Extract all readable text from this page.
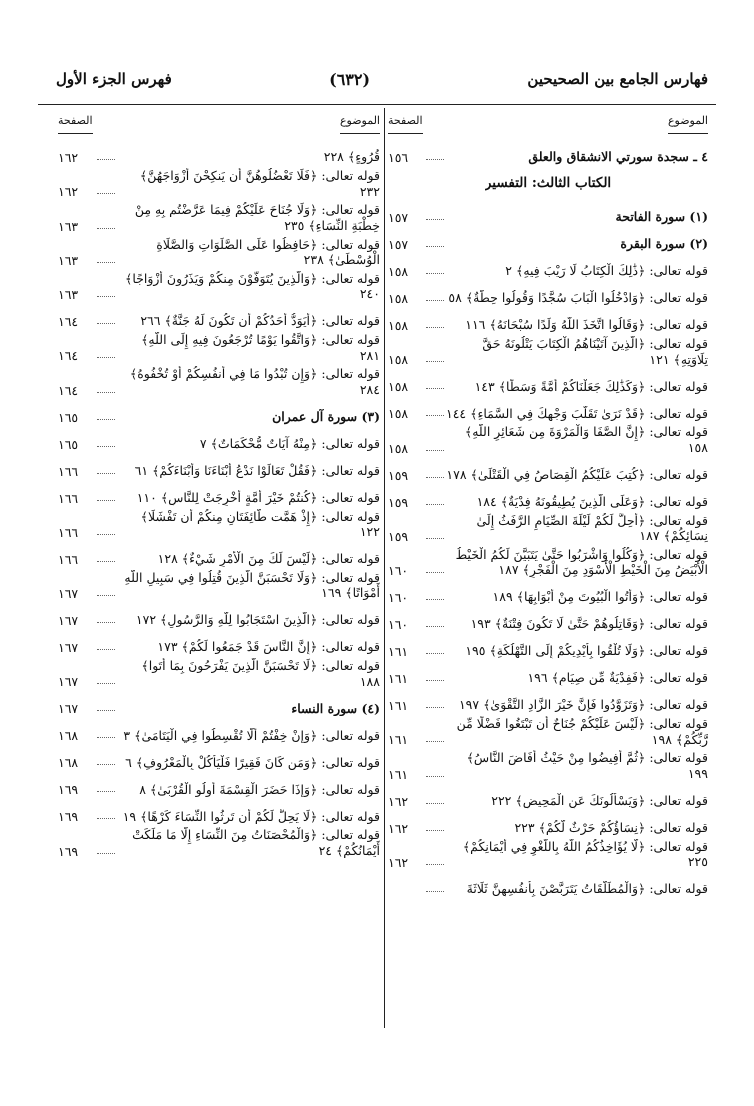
فهارس الجامع بين الصحيحين
(٦٣٢)
فهرس الجزء الأول
الموضوع
الصفحة
٤ ـ سجدة سورتي الانشقاق والعلق
١٥٦
الكتاب الثالث: التفسير
(١) سورة الفاتحة
١٥٧
(٢) سورة البقرة
١٥٧
قوله تعالى: ﴿ذَٰلِكَ الْكِتَابُ لَا رَيْبَ فِيهِ﴾ ٢
١٥٨
قوله تعالى: ﴿وَادْخُلُوا الْبَابَ سُجَّدًا وَقُولُوا حِطَّةٌ﴾ ٥٨
١٥٨
قوله تعالى: ﴿وَقَالُوا اتَّخَذَ اللَّهُ وَلَدًا سُبْحَانَهُ﴾ ١١٦
١٥٨
قوله تعالى: ﴿الَّذِينَ آتَيْنَاهُمُ الْكِتَابَ يَتْلُونَهُ حَقَّ تِلَاوَتِهِ﴾ ١٢١
١٥٨
قوله تعالى: ﴿وَكَذَٰلِكَ جَعَلْنَاكُمْ أُمَّةً وَسَطًا﴾ ١٤٣
١٥٨
قوله تعالى: ﴿قَدْ نَرَىٰ تَقَلُّبَ وَجْهِكَ فِي السَّمَاءِ﴾ ١٤٤
١٥٨
قوله تعالى: ﴿إِنَّ الصَّفَا وَالْمَرْوَةَ مِن شَعَائِرِ اللَّهِ﴾ ١٥٨
١٥٨
قوله تعالى: ﴿كُتِبَ عَلَيْكُمُ الْقِصَاصُ فِي الْقَتْلَىٰ﴾ ١٧٨
١٥٩
قوله تعالى: ﴿وَعَلَى الَّذِينَ يُطِيقُونَهُ فِدْيَةٌ﴾ ١٨٤
١٥٩
قوله تعالى: ﴿أُحِلَّ لَكُمْ لَيْلَةَ الصِّيَامِ الرَّفَثُ إِلَىٰ نِسَائِكُمْ﴾ ١٨٧
١٥٩
قوله تعالى: ﴿وَكُلُوا وَاشْرَبُوا حَتَّىٰ يَتَبَيَّنَ لَكُمُ الْخَيْطُ الْأَبْيَضُ مِنَ الْخَيْطِ الْأَسْوَدِ مِنَ الْفَجْرِ﴾ ١٨٧
١٦٠
قوله تعالى: ﴿وَأْتُوا الْبُيُوتَ مِنْ أَبْوَابِهَا﴾ ١٨٩
١٦٠
قوله تعالى: ﴿وَقَاتِلُوهُمْ حَتَّىٰ لَا تَكُونَ فِتْنَةٌ﴾ ١٩٣
١٦٠
قوله تعالى: ﴿وَلَا تُلْقُوا بِأَيْدِيكُمْ إِلَى التَّهْلُكَةِ﴾ ١٩٥
١٦١
قوله تعالى: ﴿فَفِدْيَةٌ مِّن صِيَامٍ﴾ ١٩٦
١٦١
قوله تعالى: ﴿وَتَزَوَّدُوا فَإِنَّ خَيْرَ الزَّادِ التَّقْوَىٰ﴾ ١٩٧
١٦١
قوله تعالى: ﴿لَيْسَ عَلَيْكُمْ جُنَاحٌ أَن تَبْتَغُوا فَضْلًا مِّن رَّبِّكُمْ﴾ ١٩٨
١٦١
قوله تعالى: ﴿ثُمَّ أَفِيضُوا مِنْ حَيْثُ أَفَاضَ النَّاسُ﴾ ١٩٩
١٦١
قوله تعالى: ﴿وَيَسْأَلُونَكَ عَنِ الْمَحِيضِ﴾ ٢٢٢
١٦٢
قوله تعالى: ﴿نِسَاؤُكُمْ حَرْثٌ لَّكُمْ﴾ ٢٢٣
١٦٢
قوله تعالى: ﴿لَّا يُؤَاخِذُكُمُ اللَّهُ بِاللَّغْوِ فِي أَيْمَانِكُمْ﴾ ٢٢٥
١٦٢
قوله تعالى: ﴿وَالْمُطَلَّقَاتُ يَتَرَبَّصْنَ بِأَنفُسِهِنَّ ثَلَاثَةَ
الموضوع
الصفحة
قُرُوءٍ﴾ ٢٢٨
١٦٢
قوله تعالى: ﴿فَلَا تَعْضُلُوهُنَّ أَن يَنكِحْنَ أَزْوَاجَهُنَّ﴾ ٢٣٢
١٦٢
قوله تعالى: ﴿وَلَا جُنَاحَ عَلَيْكُمْ فِيمَا عَرَّضْتُم بِهِ مِنْ خِطْبَةِ النِّسَاءِ﴾ ٢٣٥
١٦٣
قوله تعالى: ﴿حَافِظُوا عَلَى الصَّلَوَاتِ وَالصَّلَاةِ الْوُسْطَىٰ﴾ ٢٣٨
١٦٣
قوله تعالى: ﴿وَالَّذِينَ يُتَوَفَّوْنَ مِنكُمْ وَيَذَرُونَ أَزْوَاجًا﴾ ٢٤٠
١٦٣
قوله تعالى: ﴿أَيَوَدُّ أَحَدُكُمْ أَن تَكُونَ لَهُ جَنَّةٌ﴾ ٢٦٦
١٦٤
قوله تعالى: ﴿وَاتَّقُوا يَوْمًا تُرْجَعُونَ فِيهِ إِلَى اللَّهِ﴾ ٢٨١
١٦٤
قوله تعالى: ﴿وَإِن تُبْدُوا مَا فِي أَنفُسِكُمْ أَوْ تُخْفُوهُ﴾ ٢٨٤
١٦٤
(٣) سورة آل عمران
١٦٥
قوله تعالى: ﴿مِنْهُ آيَاتٌ مُّحْكَمَاتٌ﴾ ٧
١٦٥
قوله تعالى: ﴿فَقُلْ تَعَالَوْا نَدْعُ أَبْنَاءَنَا وَأَبْنَاءَكُمْ﴾ ٦١
١٦٦
قوله تعالى: ﴿كُنتُمْ خَيْرَ أُمَّةٍ أُخْرِجَتْ لِلنَّاسِ﴾ ١١٠
١٦٦
قوله تعالى: ﴿إِذْ هَمَّت طَّائِفَتَانِ مِنكُمْ أَن تَفْشَلَا﴾ ١٢٢
١٦٦
قوله تعالى: ﴿لَيْسَ لَكَ مِنَ الْأَمْرِ شَيْءٌ﴾ ١٢٨
١٦٦
قوله تعالى: ﴿وَلَا تَحْسَبَنَّ الَّذِينَ قُتِلُوا فِي سَبِيلِ اللَّهِ أَمْوَاتًا﴾ ١٦٩
١٦٧
قوله تعالى: ﴿الَّذِينَ اسْتَجَابُوا لِلَّهِ وَالرَّسُولِ﴾ ١٧٢
١٦٧
قوله تعالى: ﴿إِنَّ النَّاسَ قَدْ جَمَعُوا لَكُمْ﴾ ١٧٣
١٦٧
قوله تعالى: ﴿لَا تَحْسَبَنَّ الَّذِينَ يَفْرَحُونَ بِمَا أَتَوا﴾ ١٨٨
١٦٧
(٤) سورة النساء
١٦٧
قوله تعالى: ﴿وَإِنْ خِفْتُمْ أَلَّا تُقْسِطُوا فِي الْيَتَامَىٰ﴾ ٣
١٦٨
قوله تعالى: ﴿وَمَن كَانَ فَقِيرًا فَلْيَأْكُلْ بِالْمَعْرُوفِ﴾ ٦
١٦٨
قوله تعالى: ﴿وَإِذَا حَضَرَ الْقِسْمَةَ أُولُو الْقُرْبَىٰ﴾ ٨
١٦٩
قوله تعالى: ﴿لَا يَحِلُّ لَكُمْ أَن تَرِثُوا النِّسَاءَ كَرْهًا﴾ ١٩
١٦٩
قوله تعالى: ﴿وَالْمُحْصَنَاتُ مِنَ النِّسَاءِ إِلَّا مَا مَلَكَتْ أَيْمَانُكُمْ﴾ ٢٤
١٦٩
